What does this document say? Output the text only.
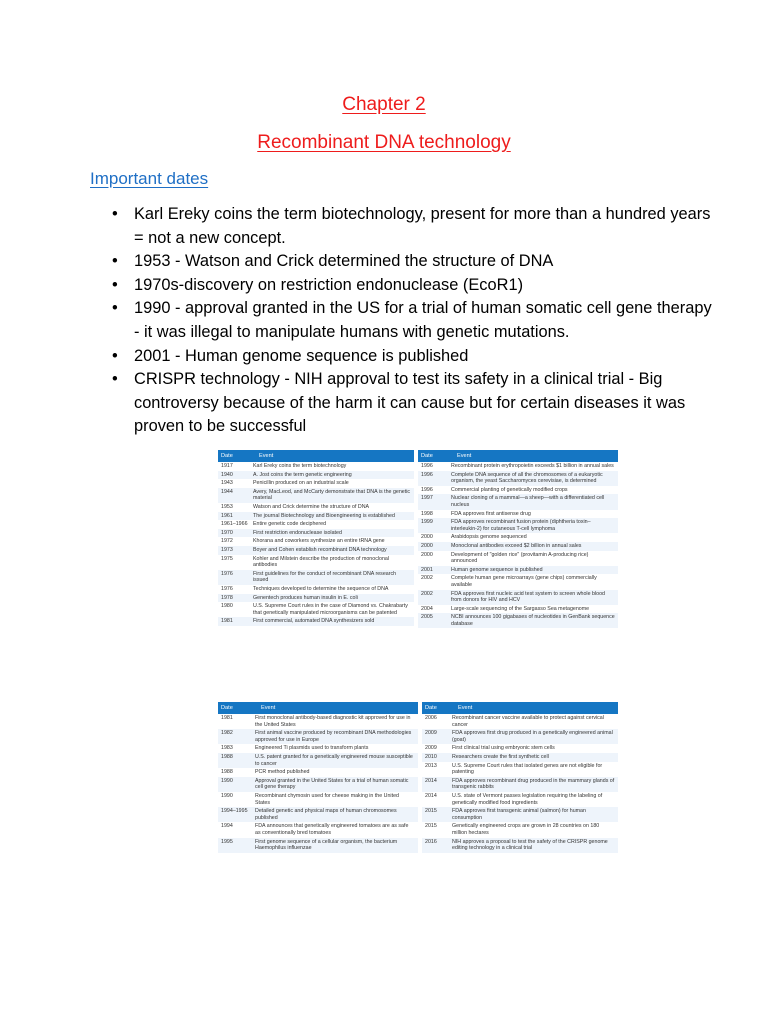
Chapter 2
Recombinant DNA technology
Important dates
• Karl Ereky coins the term biotechnology, present for more than a hundred years = not a new concept.
• 1953 - Watson and Crick determined the structure of DNA
• 1970s-discovery on restriction endonuclease (EcoR1)
• 1990 - approval granted in the US for a trial of human somatic cell gene therapy - it was illegal to manipulate humans with genetic mutations.
• 2001 - Human genome sequence is published
• CRISPR technology - NIH approval to test its safety in a clinical trial - Big controversy because of the harm it can cause but for certain diseases it was proven to be successful
Date	Event
1917	Karl Ereky coins the term biotechnology
1940	A. Jost coins the term genetic engineering
1943	Penicillin produced on an industrial scale
1944	Avery, MacLeod, and McCarty demonstrate that DNA is the genetic material
1953	Watson and Crick determine the structure of DNA
1961	The journal Biotechnology and Bioengineering is established
1961–1966	Entire genetic code deciphered
1970	First restriction endonuclease isolated
1972	Khorana and coworkers synthesize an entire tRNA gene
1973	Boyer and Cohen establish recombinant DNA technology
1975	Kohler and Milstein describe the production of monoclonal antibodies
1976	First guidelines for the conduct of recombinant DNA research issued
1976	Techniques developed to determine the sequence of DNA
1978	Genentech produces human insulin in E. coli
1980	U.S. Supreme Court rules in the case of Diamond vs. Chakrabarty that genetically manipulated microorganisms can be patented
1981	First commercial, automated DNA synthesizers sold
Date	Event
1996	Recombinant protein erythropoietin exceeds $1 billion in annual sales
1996	Complete DNA sequence of all the chromosomes of a eukaryotic organism, the yeast Saccharomyces cerevisiae, is determined
1996	Commercial planting of genetically modified crops
1997	Nuclear cloning of a mammal—a sheep—with a differentiated cell nucleus
1998	FDA approves first antisense drug
1999	FDA approves recombinant fusion protein (diphtheria toxin–interleukin-2) for cutaneous T-cell lymphoma
2000	Arabidopsis genome sequenced
2000	Monoclonal antibodies exceed $2 billion in annual sales
2000	Development of "golden rice" (provitamin A-producing rice) announced
2001	Human genome sequence is published
2002	Complete human gene microarrays (gene chips) commercially available
2002	FDA approves first nucleic acid test system to screen whole blood from donors for HIV and HCV
2004	Large-scale sequencing of the Sargasso Sea metagenome
2005	NCBI announces 100 gigabases of nucleotides in GenBank sequence database
Date	Event
1981	First monoclonal antibody-based diagnostic kit approved for use in the United States
1982	First animal vaccine produced by recombinant DNA methodologies approved for use in Europe
1983	Engineered Ti plasmids used to transform plants
1988	U.S. patent granted for a genetically engineered mouse susceptible to cancer
1988	PCR method published
1990	Approval granted in the United States for a trial of human somatic cell gene therapy
1990	Recombinant chymosin used for cheese making in the United States
1994–1995	Detailed genetic and physical maps of human chromosomes published
1994	FDA announces that genetically engineered tomatoes are as safe as conventionally bred tomatoes
1995	First genome sequence of a cellular organism, the bacterium Haemophilus influenzae
Date	Event
2006	Recombinant cancer vaccine available to protect against cervical cancer
2009	FDA approves first drug produced in a genetically engineered animal (goat)
2009	First clinical trial using embryonic stem cells
2010	Researchers create the first synthetic cell
2013	U.S. Supreme Court rules that isolated genes are not eligible for patenting
2014	FDA approves recombinant drug produced in the mammary glands of transgenic rabbits
2014	U.S. state of Vermont passes legislation requiring the labeling of genetically modified food ingredients
2015	FDA approves first transgenic animal (salmon) for human consumption
2015	Genetically engineered crops are grown in 28 countries on 180 million hectares
2016	NIH approves a proposal to test the safety of the CRISPR genome editing technology in a clinical trial
